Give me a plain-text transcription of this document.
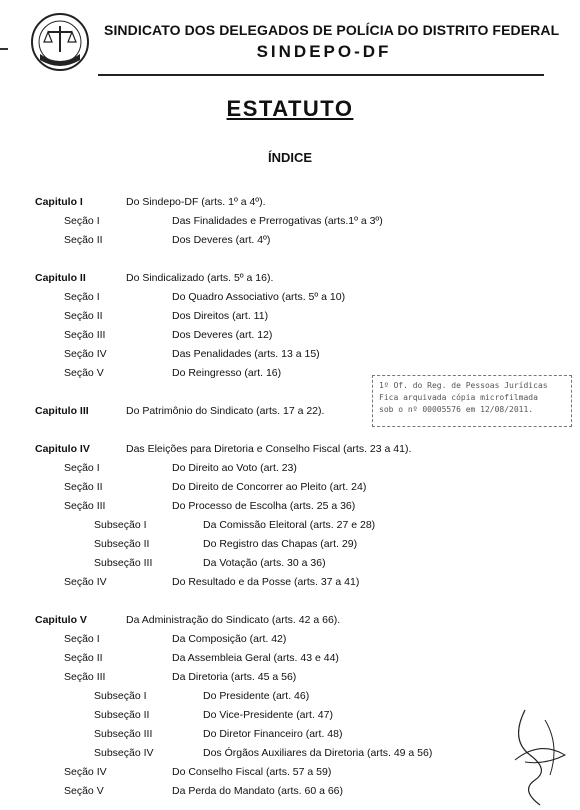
SINDICATO DOS DELEGADOS DE POLÍCIA DO DISTRITO FEDERAL
SINDEPO-DF
ESTATUTO
ÍNDICE
Capitulo I	Do Sindepo-DF (arts. 1º a 4º).
Seção I	Das Finalidades e Prerrogativas (arts.1º a 3º)
Seção II	Dos Deveres (art. 4º)
Capitulo II	Do Sindicalizado (arts. 5º a 16).
Seção I	Do Quadro Associativo (arts. 5º a 10)
Seção II	Dos Direitos (art. 11)
Seção III	Dos Deveres (art. 12)
Seção IV	Das Penalidades (arts. 13 a 15)
Seção V	Do Reingresso (art. 16)
Capitulo III	Do Patrimônio do Sindicato (arts. 17 a 22).
Capitulo IV	Das Eleições para Diretoria e Conselho Fiscal (arts. 23 a 41).
Seção I	Do Direito ao Voto (art. 23)
Seção II	Do Direito de Concorrer ao Pleito (art. 24)
Seção III	Do Processo de Escolha (arts. 25 a 36)
Subseção I	Da Comissão Eleitoral (arts. 27 e 28)
Subseção II	Do Registro das Chapas (art. 29)
Subseção III	Da Votação (arts. 30 a 36)
Seção IV	Do Resultado e da Posse (arts. 37 a 41)
Capitulo V	Da Administração do Sindicato (arts. 42 a 66).
Seção I	Da Composição (art. 42)
Seção II	Da Assembleia Geral (arts. 43 e 44)
Seção III	Da Diretoria (arts. 45 a 56)
Subseção I	Do Presidente (art. 46)
Subseção II	Do Vice-Presidente (art. 47)
Subseção III	Do Diretor Financeiro (art. 48)
Subseção IV	Dos Órgãos Auxiliares da Diretoria (arts. 49 a 56)
Seção IV	Do Conselho Fiscal (arts. 57 a 59)
Seção V	Da Perda do Mandato (arts. 60 a 66)
1º Of. do Reg. de Pessoas Jurídicas
Fica arquivada cópia microfilmada
sob o nº 00005576 em 12/08/2011.
